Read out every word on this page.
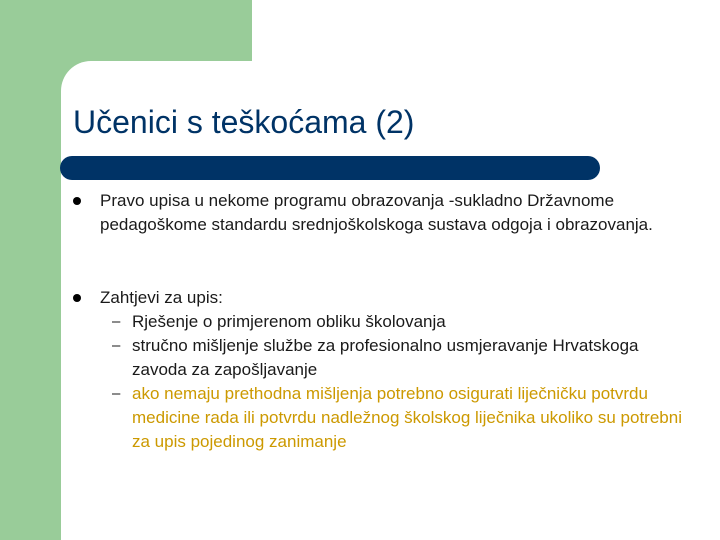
Učenici s teškoćama (2)
Pravo upisa u nekome programu obrazovanja -sukladno Državnome pedagoškome standardu srednjoškolskoga sustava odgoja i obrazovanja.
Zahtjevi za upis:
– Rješenje o primjerenom obliku školovanja
– stručno mišljenje službe za profesionalno usmjeravanje Hrvatskoga zavoda za zapošljavanje
– ako nemaju prethodna mišljenja potrebno osigurati liječničku potvrdu medicine rada ili potvrdu nadležnog školskog liječnika ukoliko su potrebni za upis pojedinog zanimanje
